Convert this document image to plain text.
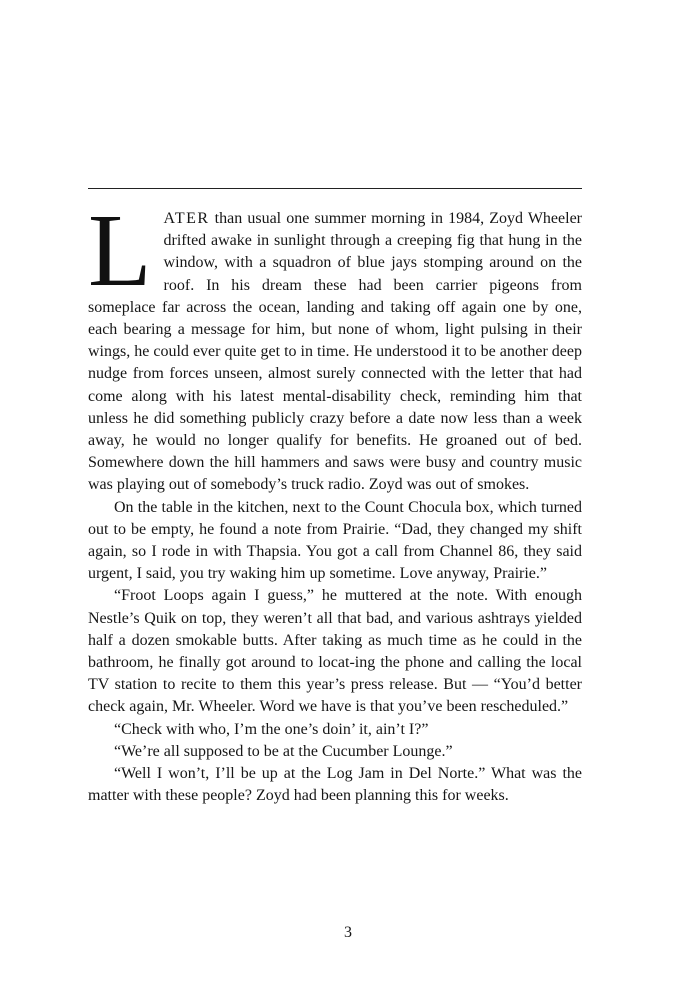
LATER than usual one summer morning in 1984, Zoyd Wheeler drifted awake in sunlight through a creeping fig that hung in the window, with a squadron of blue jays stomping around on the roof. In his dream these had been carrier pigeons from someplace far across the ocean, landing and taking off again one by one, each bearing a message for him, but none of whom, light pulsing in their wings, he could ever quite get to in time. He understood it to be another deep nudge from forces unseen, almost surely connected with the letter that had come along with his latest mental-disability check, reminding him that unless he did something publicly crazy before a date now less than a week away, he would no longer qualify for benefits. He groaned out of bed. Somewhere down the hill hammers and saws were busy and country music was playing out of somebody’s truck radio. Zoyd was out of smokes.

On the table in the kitchen, next to the Count Chocula box, which turned out to be empty, he found a note from Prairie. “Dad, they changed my shift again, so I rode in with Thapsia. You got a call from Channel 86, they said urgent, I said, you try waking him up sometime. Love anyway, Prairie.”

“Froot Loops again I guess,” he muttered at the note. With enough Nestle’s Quik on top, they weren’t all that bad, and various ashtrays yielded half a dozen smokable butts. After taking as much time as he could in the bathroom, he finally got around to locat-ing the phone and calling the local TV station to recite to them this year’s press release. But — “You’d better check again, Mr. Wheeler. Word we have is that you’ve been rescheduled.”

“Check with who, I’m the one’s doin’ it, ain’t I?”

“We’re all supposed to be at the Cucumber Lounge.”

“Well I won’t, I’ll be up at the Log Jam in Del Norte.” What was the matter with these people? Zoyd had been planning this for weeks.

3
